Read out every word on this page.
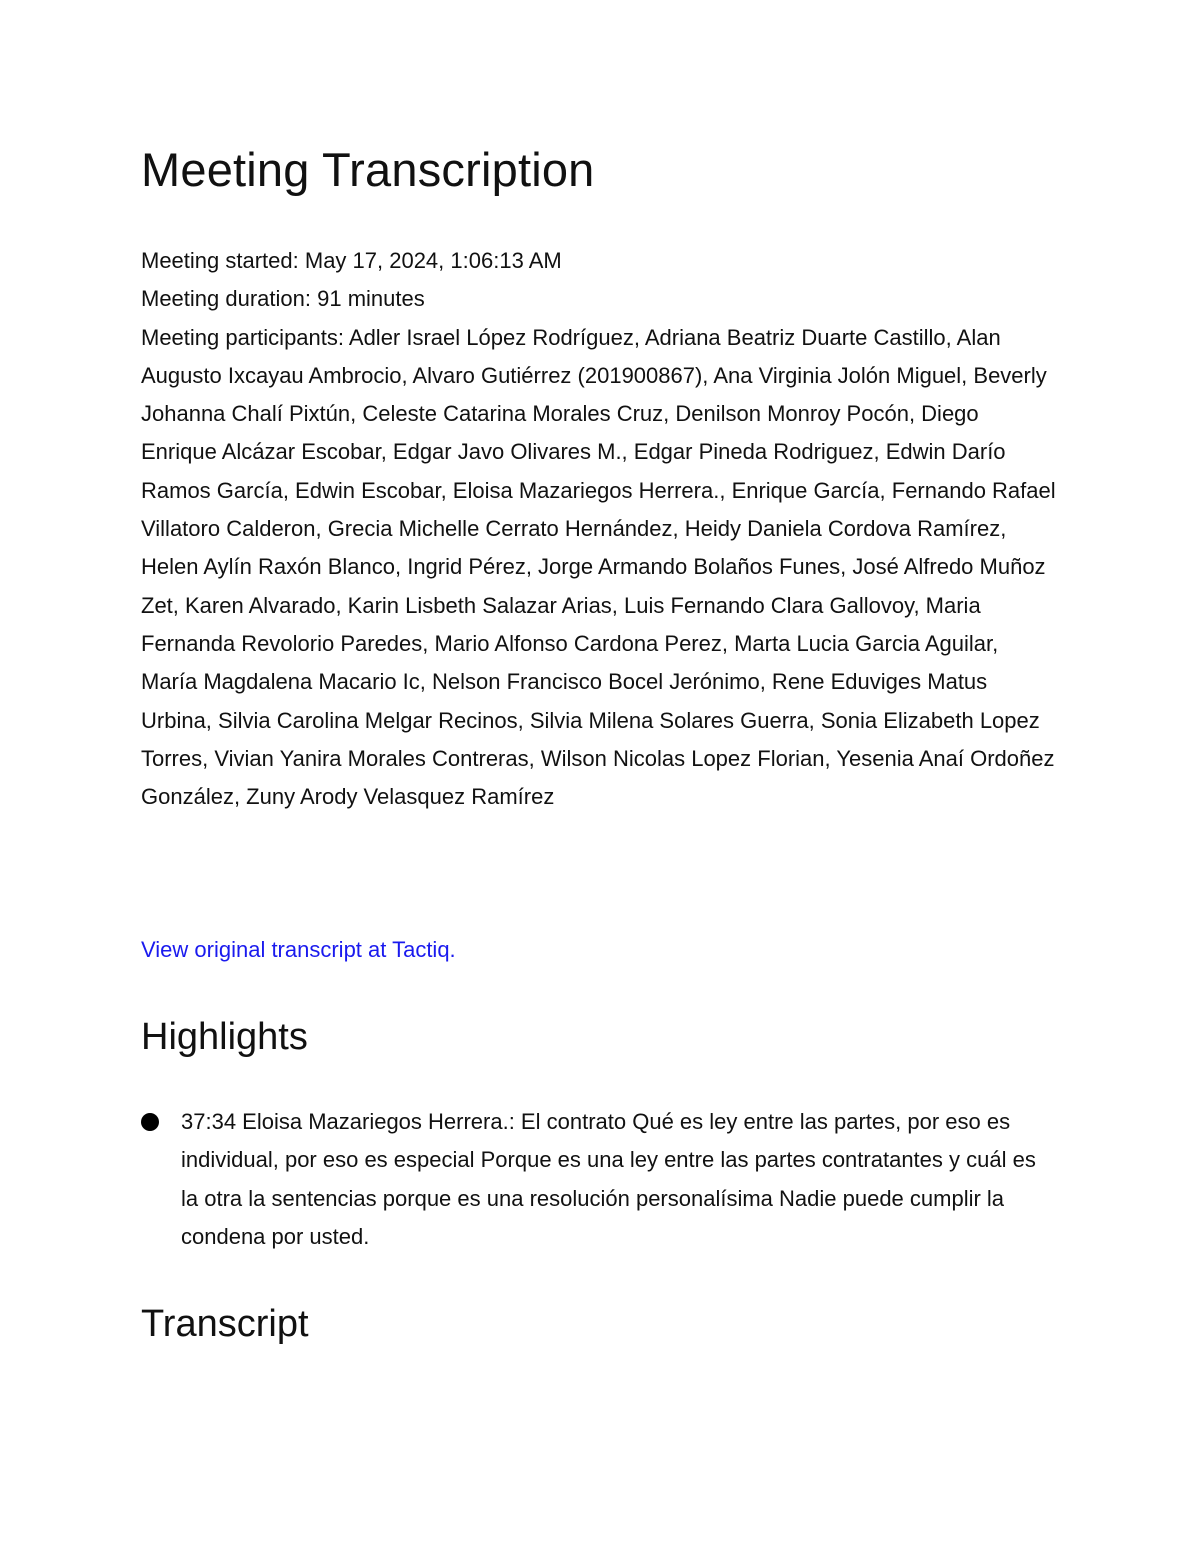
Meeting Transcription

Meeting started: May 17, 2024, 1:06:13 AM

Meeting duration: 91 minutes

Meeting participants: Adler Israel López Rodríguez, Adriana Beatriz Duarte Castillo, Alan Augusto Ixcayau Ambrocio, Alvaro Gutiérrez (201900867), Ana Virginia Jolón Miguel, Beverly Johanna Chalí Pixtún, Celeste Catarina Morales Cruz, Denilson Monroy Pocón, Diego Enrique Alcázar Escobar, Edgar Javo Olivares M., Edgar Pineda Rodriguez, Edwin Darío Ramos García, Edwin Escobar, Eloisa Mazariegos Herrera., Enrique García, Fernando Rafael Villatoro Calderon, Grecia Michelle Cerrato Hernández, Heidy Daniela Cordova Ramírez, Helen Aylín Raxón Blanco, Ingrid Pérez, Jorge Armando Bolaños Funes, José Alfredo Muñoz Zet, Karen Alvarado, Karin Lisbeth Salazar Arias, Luis Fernando Clara Gallovoy, Maria Fernanda Revolorio Paredes, Mario Alfonso Cardona Perez, Marta Lucia Garcia Aguilar, María Magdalena Macario Ic, Nelson Francisco Bocel Jerónimo, Rene Eduviges Matus Urbina, Silvia Carolina Melgar Recinos, Silvia Milena Solares Guerra, Sonia Elizabeth Lopez Torres, Vivian Yanira Morales Contreras, Wilson Nicolas Lopez Florian, Yesenia Anaí Ordoñez González, Zuny Arody Velasquez Ramírez

View original transcript at Tactiq.
Highlights
37:34 Eloisa Mazariegos Herrera.: El contrato Qué es ley entre las partes, por eso es individual, por eso es especial Porque es una ley entre las partes contratantes y cuál es la otra la sentencias porque es una resolución personalísima Nadie puede cumplir la condena por usted.
Transcript
